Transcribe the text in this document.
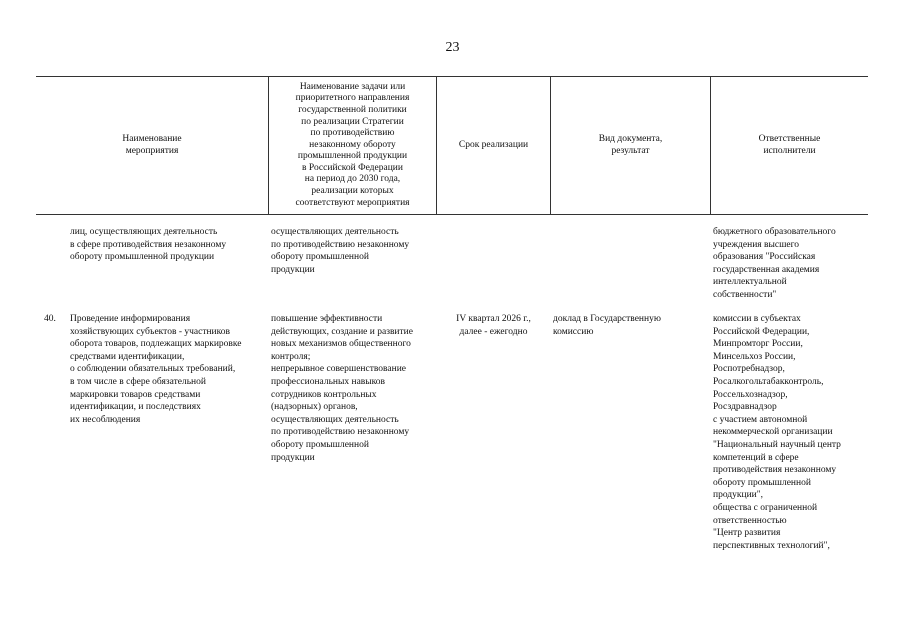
23
Наименование
мероприятия
Наименование задачи или
приоритетного направления
государственной политики
по реализации Стратегии
по противодействию
незаконному обороту
промышленной продукции
в Российской Федерации
на период до 2030 года,
реализации которых
соответствуют мероприятия
Срок реализации
Вид документа,
результат
Ответственные
исполнители
лиц, осуществляющих деятельность
в сфере противодействия незаконному
обороту промышленной продукции
осуществляющих деятельность
по противодействию незаконному
обороту промышленной
продукции
бюджетного образовательного
учреждения высшего
образования "Российская
государственная академия
интеллектуальной
собственности"
40.	Проведение информирования
хозяйствующих субъектов - участников
оборота товаров, подлежащих маркировке
средствами идентификации,
о соблюдении обязательных требований,
в том числе в сфере обязательной
маркировки товаров средствами
идентификации, и последствиях
их несоблюдения
повышение эффективности
действующих, создание и развитие
новых механизмов общественного
контроля;
непрерывное совершенствование
профессиональных навыков
сотрудников контрольных
(надзорных) органов,
осуществляющих деятельность
по противодействию незаконному
обороту промышленной
продукции
IV квартал 2026 г.,
далее - ежегодно
доклад в Государственную
комиссию
комиссии в субъектах
Российской Федерации,
Минпромторг России,
Минсельхоз России,
Роспотребнадзор,
Росалкогольтабакконтроль,
Россельхознадзор,
Росздравнадзор
с участием автономной
некоммерческой организации
"Национальный научный центр
компетенций в сфере
противодействия незаконному
обороту промышленной
продукции",
общества с ограниченной
ответственностью
"Центр развития
перспективных технологий",
